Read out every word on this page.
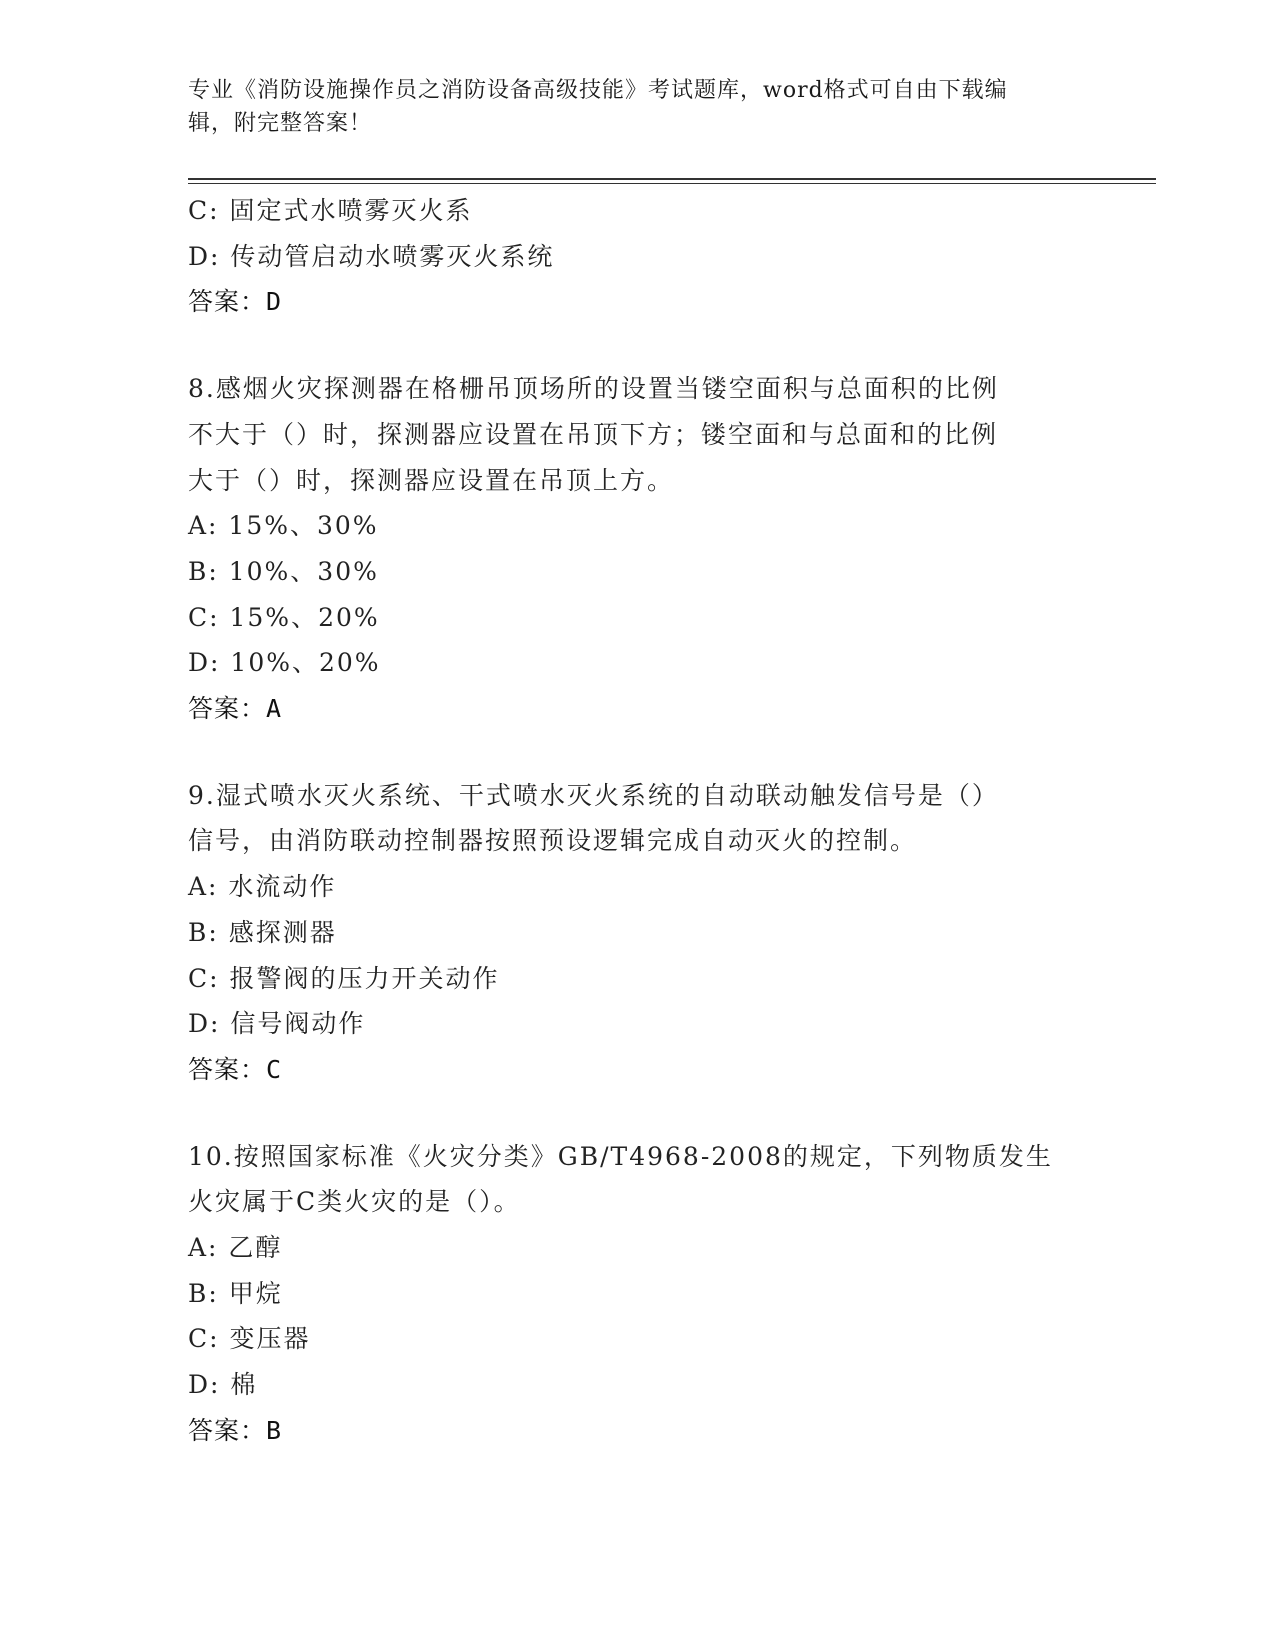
专业《消防设施操作员之消防设备高级技能》考试题库，word格式可自由下载编
辑，附完整答案！
C: 固定式水喷雾灭火系
D: 传动管启动水喷雾灭火系统
答案：D
8.感烟火灾探测器在格栅吊顶场所的设置当镂空面积与总面积的比例
不大于（）时，探测器应设置在吊顶下方；镂空面和与总面和的比例
大于（）时，探测器应设置在吊顶上方。
A: 15%、30%
B: 10%、30%
C: 15%、20%
D: 10%、20%
答案：A
9.湿式喷水灭火系统、干式喷水灭火系统的自动联动触发信号是（）
信号，由消防联动控制器按照预设逻辑完成自动灭火的控制。
A: 水流动作
B: 感探测器
C: 报警阀的压力开关动作
D: 信号阀动作
答案：C
10.按照国家标准《火灾分类》GB/T4968-2008的规定，下列物质发生
火灾属于C类火灾的是（）。
A: 乙醇
B: 甲烷
C: 变压器
D: 棉
答案：B
